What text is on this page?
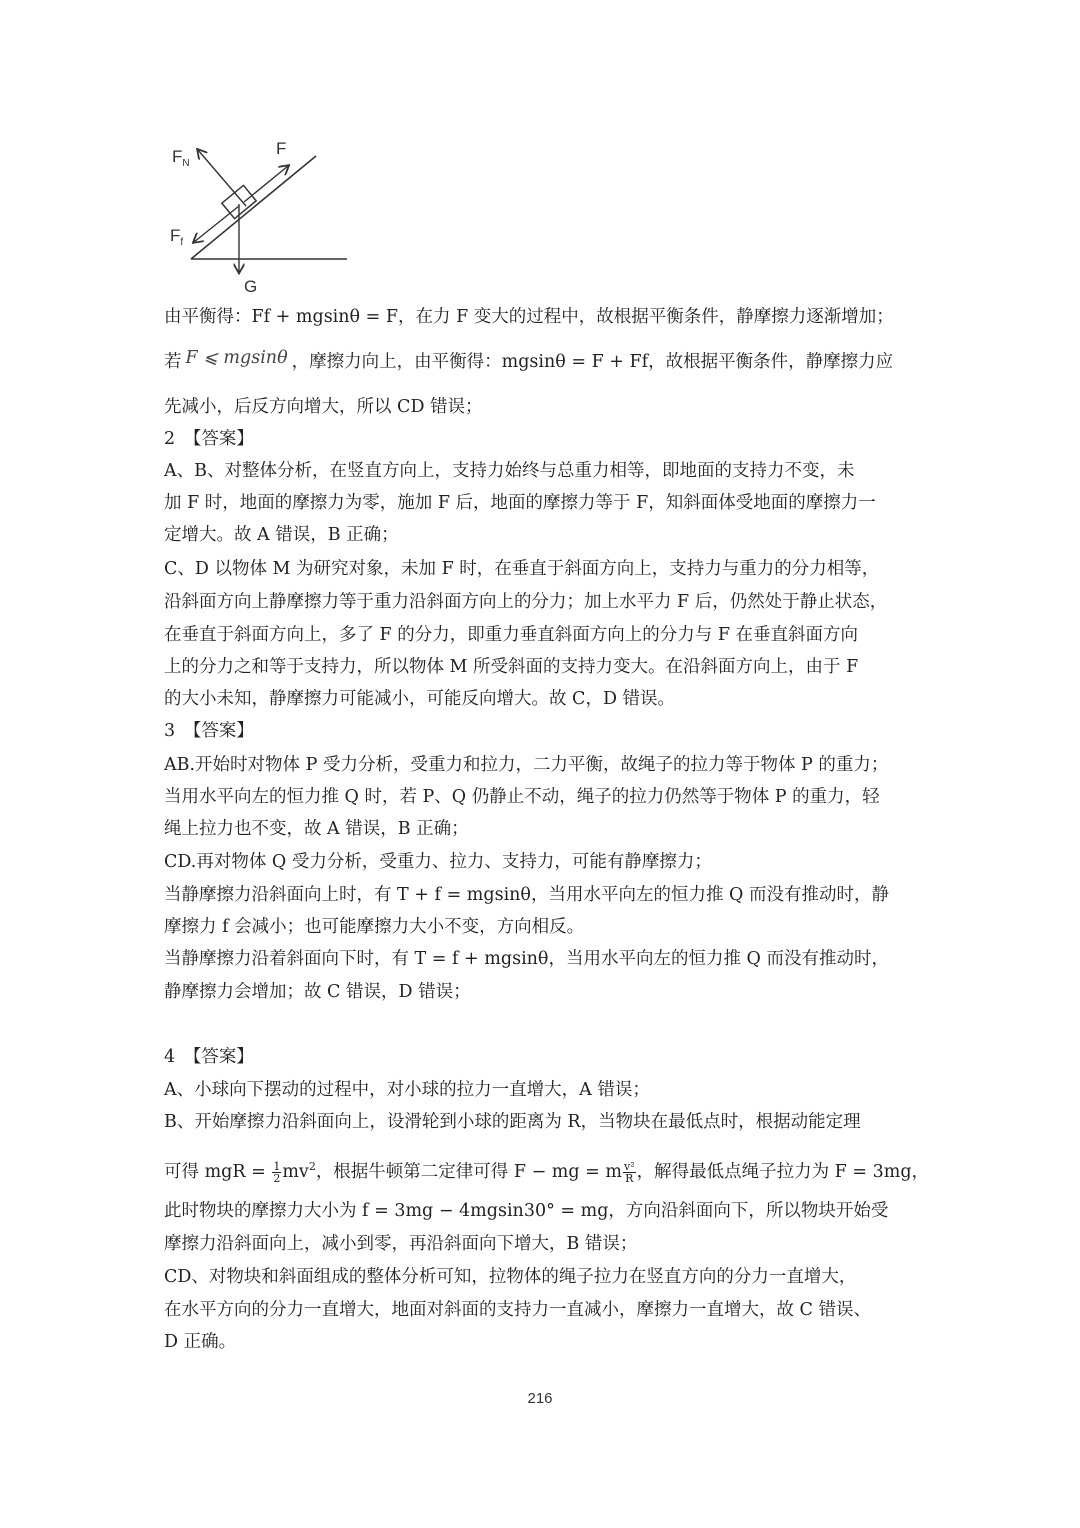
$F_N$
F
$F_f$
G
由平衡得：Ff + mgsinθ = F，在力 F 变大的过程中，故根据平衡条件，静摩擦力逐渐增加；
若 F ⩽ mgsinθ ，摩擦力向上，由平衡得：mgsinθ = F + Ff，故根据平衡条件，静摩擦力应
先减小，后反方向增大，所以 CD 错误；
2　【答案】
A、B、对整体分析，在竖直方向上，支持力始终与总重力相等，即地面的支持力不变，未
加 F 时，地面的摩擦力为零，施加 F 后，地面的摩擦力等于 F，知斜面体受地面的摩擦力一
定增大。故 A 错误，B 正确；
C、D 以物体 M 为研究对象，未加 F 时，在垂直于斜面方向上，支持力与重力的分力相等，
沿斜面方向上静摩擦力等于重力沿斜面方向上的分力；加上水平力 F 后，仍然处于静止状态，
在垂直于斜面方向上，多了 F 的分力，即重力垂直斜面方向上的分力与 F 在垂直斜面方向
上的分力之和等于支持力，所以物体 M 所受斜面的支持力变大。在沿斜面方向上，由于 F
的大小未知，静摩擦力可能减小，可能反向增大。故 C，D 错误。
3　【答案】
AB.开始时对物体 P 受力分析，受重力和拉力，二力平衡，故绳子的拉力等于物体 P 的重力；
当用水平向左的恒力推 Q 时，若 P、Q 仍静止不动，绳子的拉力仍然等于物体 P 的重力，轻
绳上拉力也不变，故 A 错误，B 正确；
CD.再对物体 Q 受力分析，受重力、拉力、支持力，可能有静摩擦力；
当静摩擦力沿斜面向上时，有 T + f = mgsinθ，当用水平向左的恒力推 Q 而没有推动时，静
摩擦力 f 会减小；也可能摩擦力大小不变，方向相反。
当静摩擦力沿着斜面向下时，有 T = f + mgsinθ，当用水平向左的恒力推 Q 而没有推动时，
静摩擦力会增加；故 C 错误，D 错误；
4　【答案】
A、小球向下摆动的过程中，对小球的拉力一直增大，A 错误；
B、开始摩擦力沿斜面向上，设滑轮到小球的距离为 R，当物块在最低点时，根据动能定理
可得 mgR = $\frac{1}{2} mv^2$，根据牛顿第二定律可得 F − mg = m $\frac{\text{v²}}{R}$ ，解得最低点绳子拉力为 F = 3mg，
此时物块的摩擦力大小为 f = 3mg − 4mgsin30° = mg，方向沿斜面向下，所以物块开始受
摩擦力沿斜面向上，减小到零，再沿斜面向下增大，B 错误；
CD、对物块和斜面组成的整体分析可知，拉物体的绳子拉力在竖直方向的分力一直增大，
在水平方向的分力一直增大，地面对斜面的支持力一直减小，摩擦力一直增大，故 C 错误、
D 正确。
216
